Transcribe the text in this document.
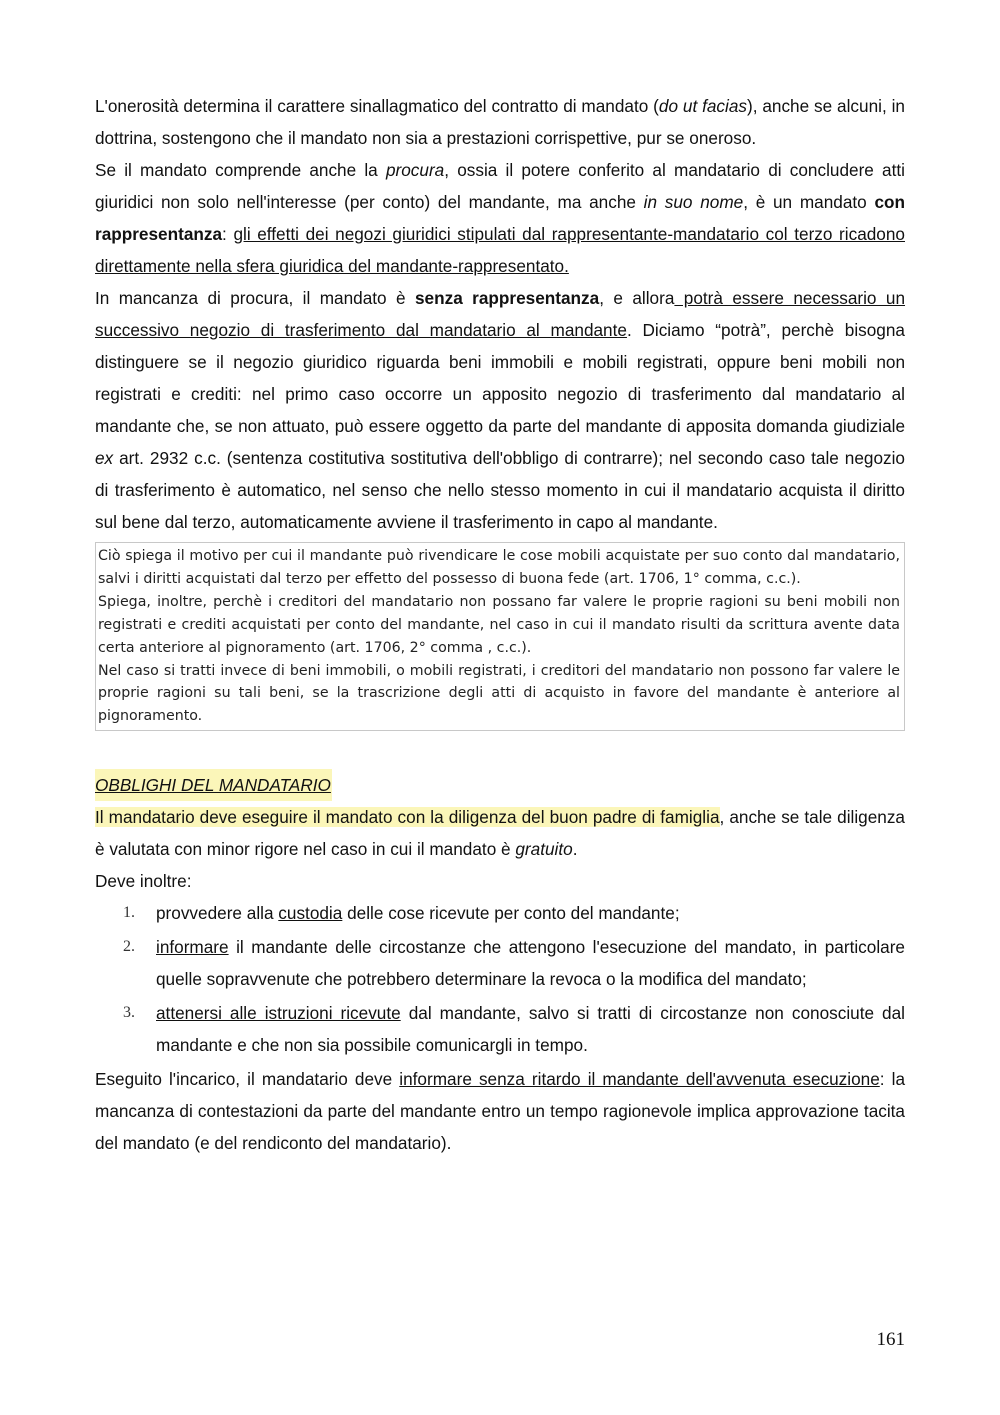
L'onerosità determina il carattere sinallagmatico del contratto di mandato (do ut facias), anche se alcuni, in dottrina, sostengono che il mandato non sia a prestazioni corrispettive, pur se oneroso.

Se il mandato comprende anche la procura, ossia il potere conferito al mandatario di concludere atti giuridici non solo nell'interesse (per conto) del mandante, ma anche in suo nome, è un mandato con rappresentanza: gli effetti dei negozi giuridici stipulati dal rappresentante-mandatario col terzo ricadono direttamente nella sfera giuridica del mandante-rappresentato.

In mancanza di procura, il mandato è senza rappresentanza, e allora potrà essere necessario un successivo negozio di trasferimento dal mandatario al mandante. Diciamo “potrà”, perchè bisogna distinguere se il negozio giuridico riguarda beni immobili e mobili registrati, oppure beni mobili non registrati e crediti: nel primo caso occorre un apposito negozio di trasferimento dal mandatario al mandante che, se non attuato, può essere oggetto da parte del mandante di apposita domanda giudiziale ex art. 2932 c.c. (sentenza costitutiva sostitutiva dell'obbligo di contrarre); nel secondo caso tale negozio di trasferimento è automatico, nel senso che nello stesso momento in cui il mandatario acquista il diritto sul bene dal terzo, automaticamente avviene il trasferimento in capo al mandante.

Ciò spiega il motivo per cui il mandante può rivendicare le cose mobili acquistate per suo conto dal mandatario, salvi i diritti acquistati dal terzo per effetto del possesso di buona fede (art. 1706, 1° comma, c.c.).

Spiega, inoltre, perchè i creditori del mandatario non possano far valere le proprie ragioni su beni mobili non registrati e crediti acquistati per conto del mandante, nel caso in cui il mandato risulti da scrittura avente data certa anteriore al pignoramento (art. 1706, 2° comma , c.c.).

Nel caso si tratti invece di beni immobili, o mobili registrati, i creditori del mandatario non possono far valere le proprie ragioni su tali beni, se la trascrizione degli atti di acquisto in favore del mandante è anteriore al pignoramento.

OBBLIGHI DEL MANDATARIO

Il mandatario deve eseguire il mandato con la diligenza del buon padre di famiglia, anche se tale diligenza è valutata con minor rigore nel caso in cui il mandato è gratuito.

Deve inoltre:

1. provvedere alla custodia delle cose ricevute per conto del mandante;
2. informare il mandante delle circostanze che attengono l'esecuzione del mandato, in particolare quelle sopravvenute che potrebbero determinare la revoca o la modifica del mandato;
3. attenersi alle istruzioni ricevute dal mandante, salvo si tratti di circostanze non conosciute dal mandante e che non sia possibile comunicargli in tempo.

Eseguito l'incarico, il mandatario deve informare senza ritardo il mandante dell'avvenuta esecuzione: la mancanza di contestazioni da parte del mandante entro un tempo ragionevole implica approvazione tacita del mandato (e del rendiconto del mandatario).

161
